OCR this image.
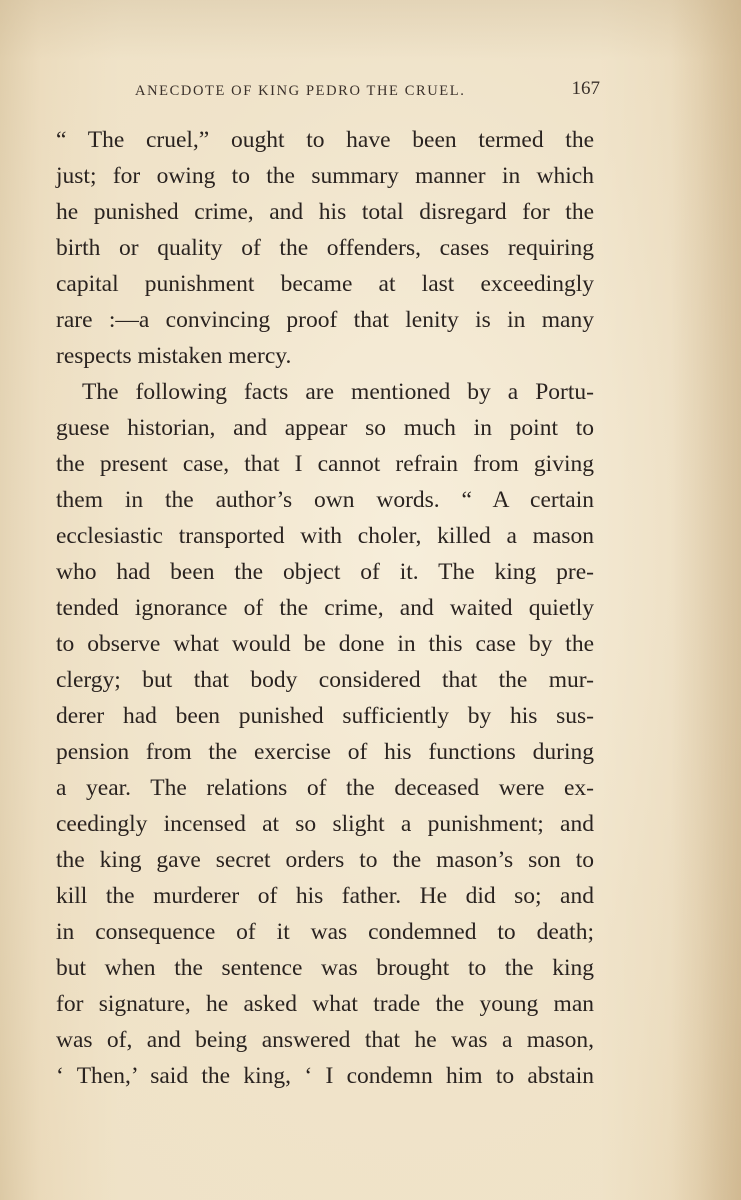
ANECDOTE OF KING PEDRO THE CRUEL.	167
“ The cruel,” ought to have been termed the
just; for owing to the summary manner in which
he punished crime, and his total disregard for the
birth or quality of the offenders, cases requiring
capital punishment became at last exceedingly
rare :—a convincing proof that lenity is in many
respects mistaken mercy.
The following facts are mentioned by a Portu-
guese historian, and appear so much in point to
the present case, that I cannot refrain from giving
them in the author’s own words. “ A certain
ecclesiastic transported with choler, killed a mason
who had been the object of it. The king pre-
tended ignorance of the crime, and waited quietly
to observe what would be done in this case by the
clergy; but that body considered that the mur-
derer had been punished sufficiently by his sus-
pension from the exercise of his functions during
a year. The relations of the deceased were ex-
ceedingly incensed at so slight a punishment; and
the king gave secret orders to the mason’s son to
kill the murderer of his father. He did so; and
in consequence of it was condemned to death;
but when the sentence was brought to the king
for signature, he asked what trade the young man
was of, and being answered that he was a mason,
‘ Then,’ said the king, ‘ I condemn him to abstain
